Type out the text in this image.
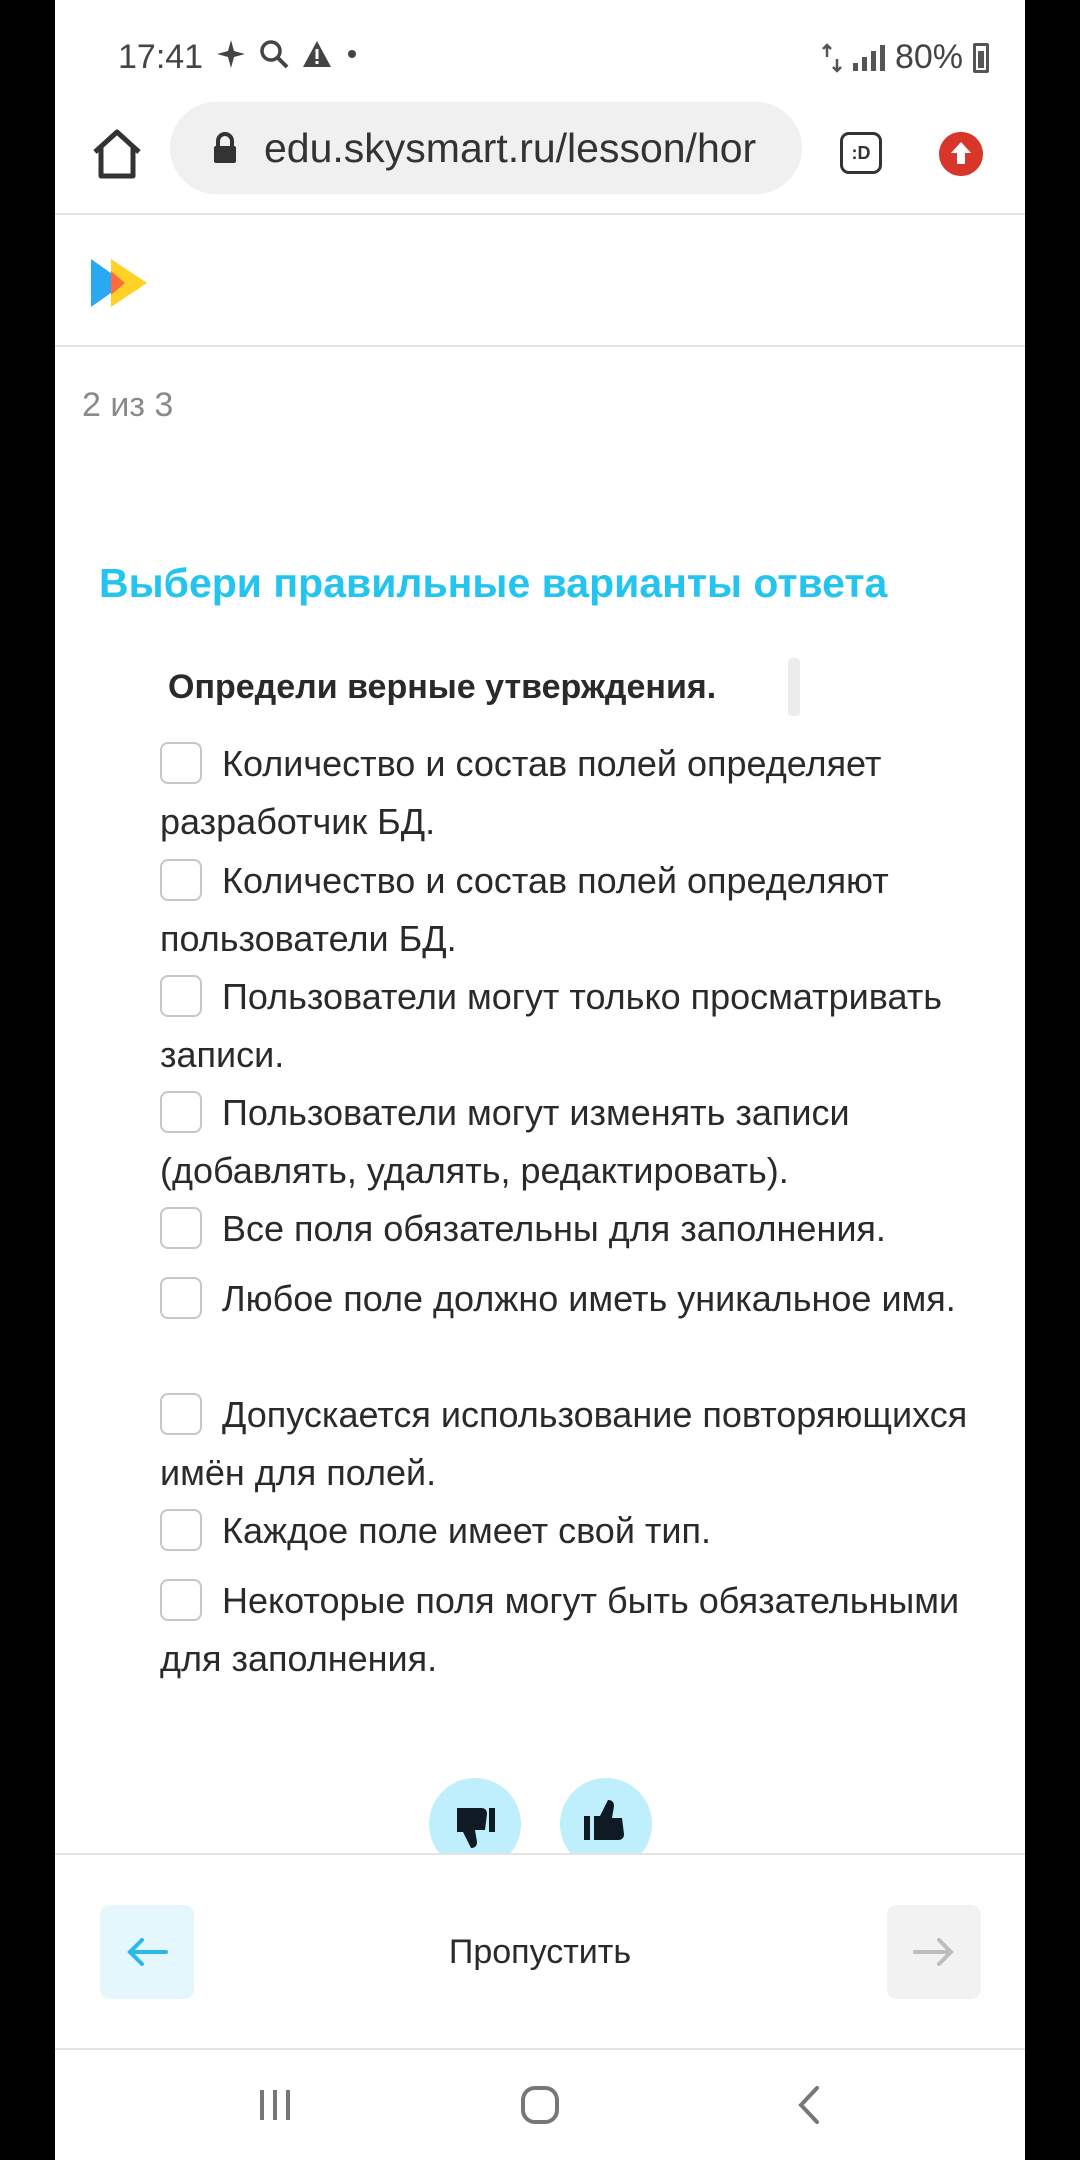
17:41	80%
edu.skysmart.ru/lesson/hor	:D
2 из 3
Выбери правильные варианты ответа
Определи верные утверждения.
Количество и состав полей определяет разработчик БД.
Количество и состав полей определяют пользователи БД.
Пользователи могут только просматривать записи.
Пользователи могут изменять записи (добавлять, удалять, редактировать).
Все поля обязательны для заполнения.
Любое поле должно иметь уникальное имя.
Допускается использование повторяющихся имён для полей.
Каждое поле имеет свой тип.
Некоторые поля могут быть обязательными для заполнения.
Пропустить
